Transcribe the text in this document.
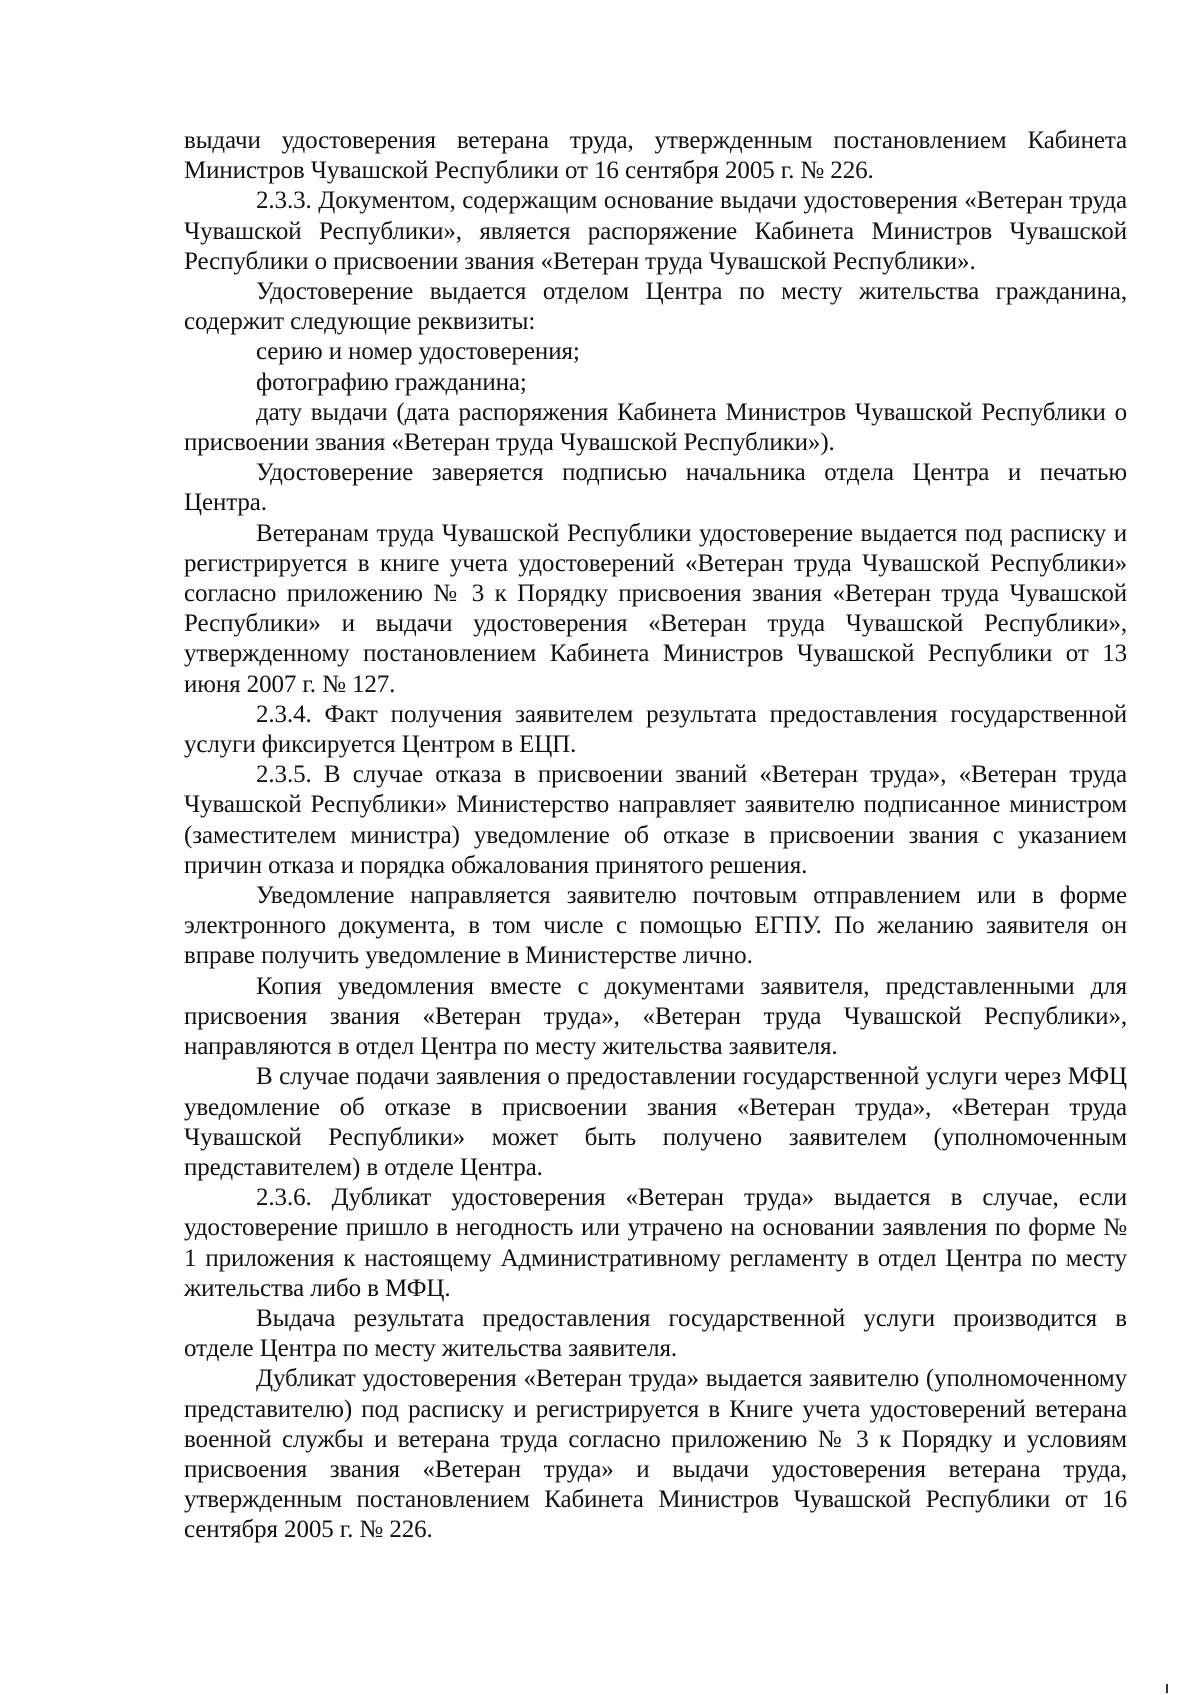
выдачи удостоверения ветерана труда, утвержденным постановлением Кабинета Министров Чувашской Республики от 16 сентября 2005 г. № 226.

2.3.3. Документом, содержащим основание выдачи удостоверения «Ветеран труда Чувашской Республики», является распоряжение Кабинета Министров Чувашской Республики о присвоении звания «Ветеран труда Чувашской Республики».

Удостоверение выдается отделом Центра по месту жительства гражданина, содержит следующие реквизиты:

серию и номер удостоверения;

фотографию гражданина;

дату выдачи (дата распоряжения Кабинета Министров Чувашской Республики о присвоении звания «Ветеран труда Чувашской Республики»).

Удостоверение заверяется подписью начальника отдела Центра и печатью Центра.

Ветеранам труда Чувашской Республики удостоверение выдается под расписку и регистрируется в книге учета удостоверений «Ветеран труда Чувашской Республики» согласно приложению № 3 к Порядку присвоения звания «Ветеран труда Чувашской Республики» и выдачи удостоверения «Ветеран труда Чувашской Республики», утвержденному постановлением Кабинета Министров Чувашской Республики от 13 июня 2007 г. № 127.

2.3.4. Факт получения заявителем результата предоставления государственной услуги фиксируется Центром в ЕЦП.

2.3.5. В случае отказа в присвоении званий «Ветеран труда», «Ветеран труда Чувашской Республики» Министерство направляет заявителю подписанное министром (заместителем министра) уведомление об отказе в присвоении звания с указанием причин отказа и порядка обжалования принятого решения.

Уведомление направляется заявителю почтовым отправлением или в форме электронного документа, в том числе с помощью ЕГПУ. По желанию заявителя он вправе получить уведомление в Министерстве лично.

Копия уведомления вместе с документами заявителя, представленными для присвоения звания «Ветеран труда», «Ветеран труда Чувашской Республики», направляются в отдел Центра по месту жительства заявителя.

В случае подачи заявления о предоставлении государственной услуги через МФЦ уведомление об отказе в присвоении звания «Ветеран труда», «Ветеран труда Чувашской Республики» может быть получено заявителем (уполномоченным представителем) в отделе Центра.

2.3.6. Дубликат удостоверения «Ветеран труда» выдается в случае, если удостоверение пришло в негодность или утрачено на основании заявления по форме № 1 приложения к настоящему Административному регламенту в отдел Центра по месту жительства либо в МФЦ.

Выдача результата предоставления государственной услуги производится в отделе Центра по месту жительства заявителя.

Дубликат удостоверения «Ветеран труда» выдается заявителю (уполномоченному представителю) под расписку и регистрируется в Книге учета удостоверений ветерана военной службы и ветерана труда согласно приложению № 3 к Порядку и условиям присвоения звания «Ветеран труда» и выдачи удостоверения ветерана труда, утвержденным постановлением Кабинета Министров Чувашской Республики от 16 сентября 2005 г. № 226.
